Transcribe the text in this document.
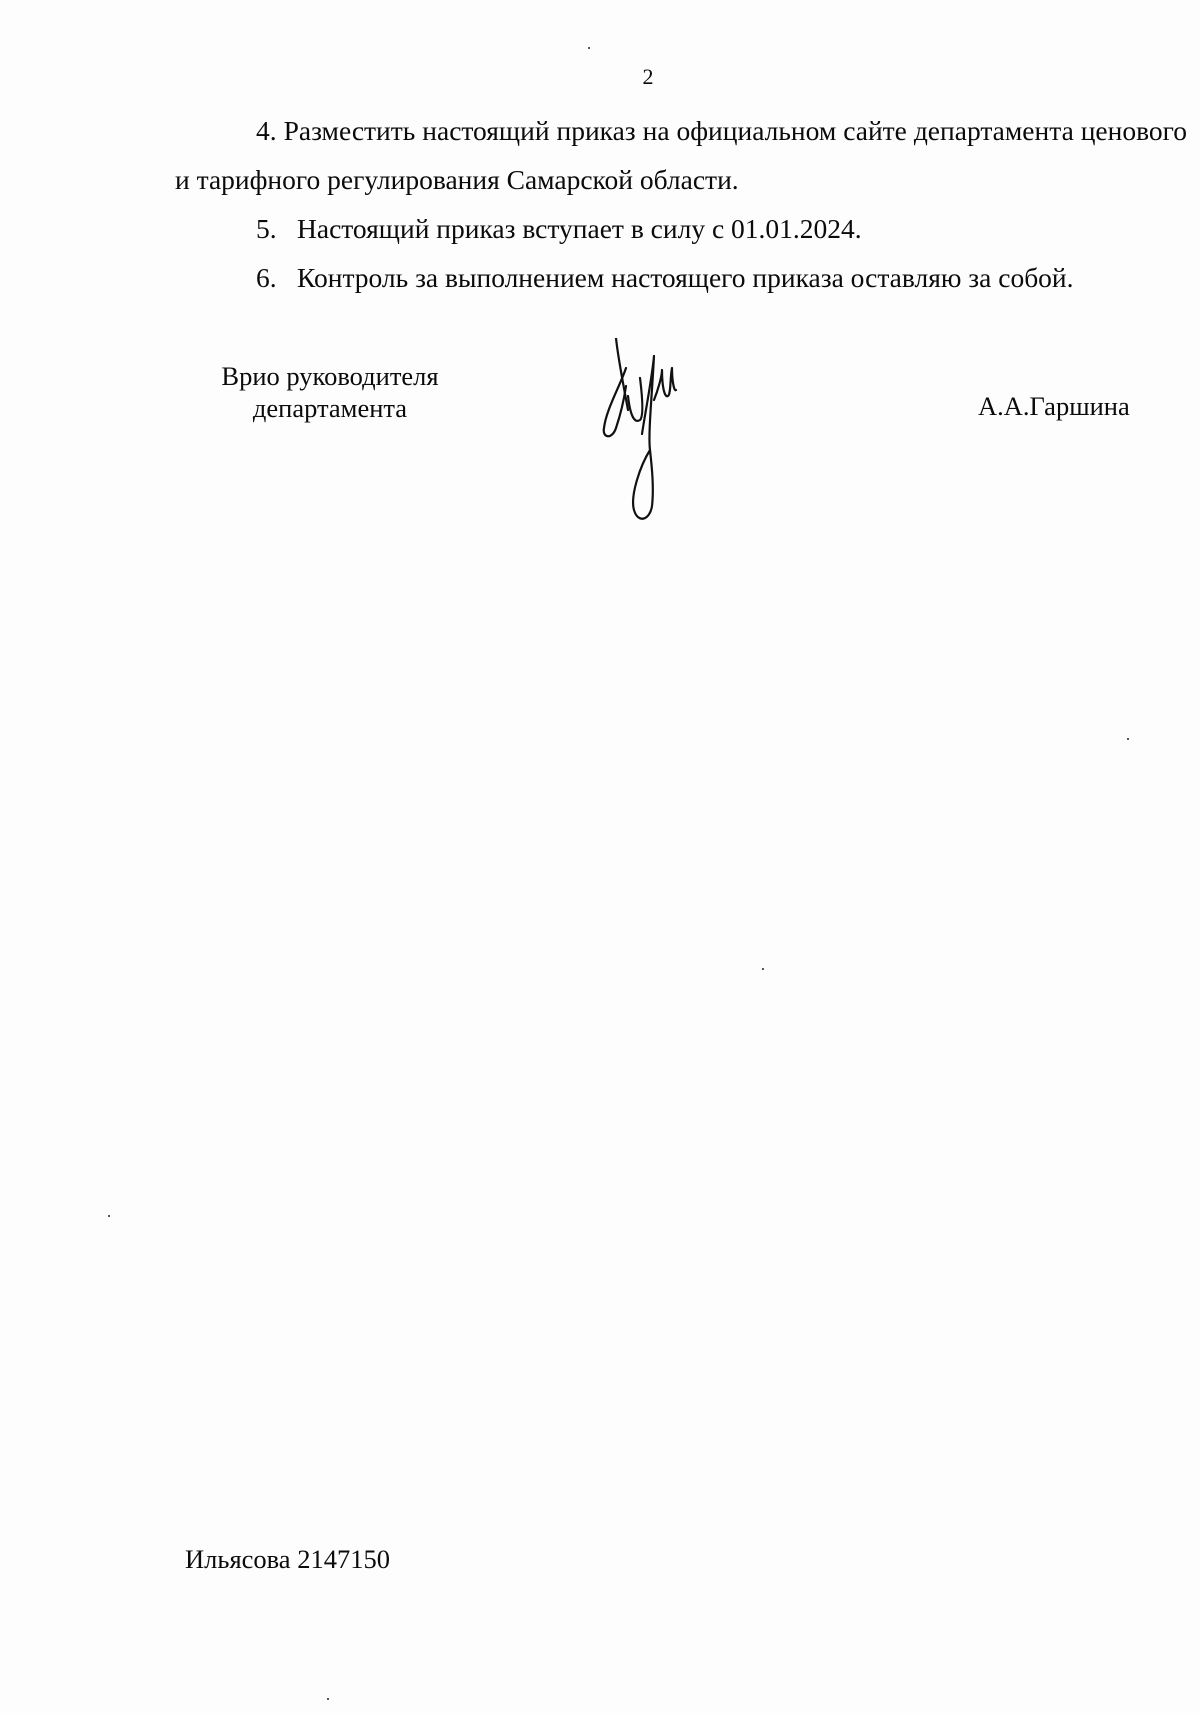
2

4. Разместить настоящий приказ на официальном сайте департамента ценового и тарифного регулирования Самарской области.

5. Настоящий приказ вступает в силу с 01.01.2024.
6. Контроль за выполнением настоящего приказа оставляю за собой.
Врио руководителя
департамента	А.А.Гаршина
Ильясова 2147150
